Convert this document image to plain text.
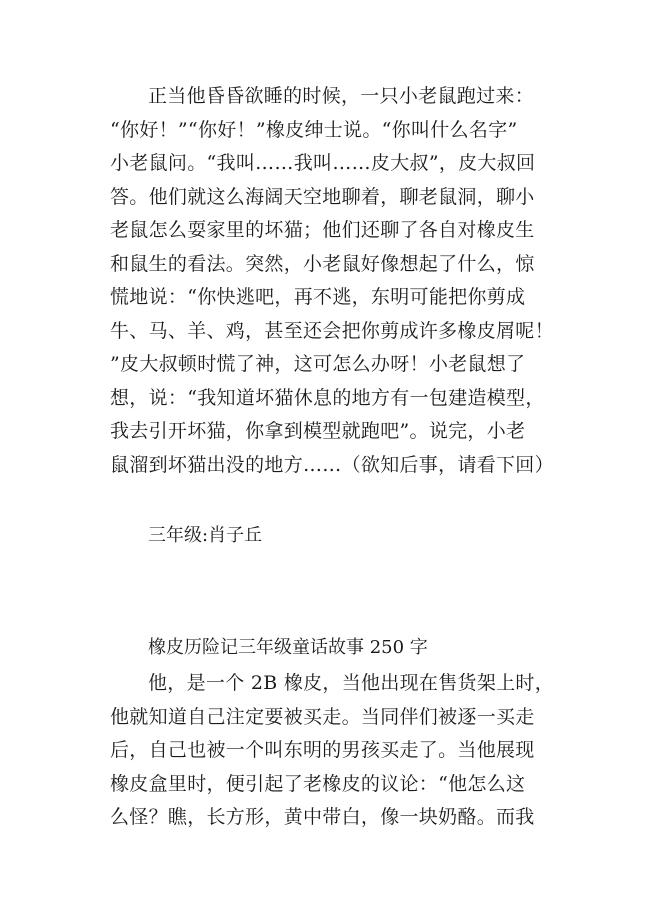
正当他昏昏欲睡的时候，一只小老鼠跑过来：
“你好！”“你好！”橡皮绅士说。“你叫什么名字”
小老鼠问。“我叫……我叫……皮大叔”，皮大叔回
答。他们就这么海阔天空地聊着，聊老鼠洞，聊小
老鼠怎么耍家里的坏猫；他们还聊了各自对橡皮生
和鼠生的看法。突然，小老鼠好像想起了什么，惊
慌地说：“你快逃吧，再不逃，东明可能把你剪成
牛、马、羊、鸡，甚至还会把你剪成许多橡皮屑呢！
”皮大叔顿时慌了神，这可怎么办呀！小老鼠想了
想，说：“我知道坏猫休息的地方有一包建造模型，
我去引开坏猫，你拿到模型就跑吧”。说完，小老
鼠溜到坏猫出没的地方……（欲知后事，请看下回）
三年级:肖子丘
橡皮历险记三年级童话故事 250 字
他，是一个 2B 橡皮，当他出现在售货架上时，
他就知道自己注定要被买走。当同伴们被逐一买走
后，自己也被一个叫东明的男孩买走了。当他展现
橡皮盒里时，便引起了老橡皮的议论：“他怎么这
么怪？瞧，长方形，黄中带白，像一块奶酪。而我
